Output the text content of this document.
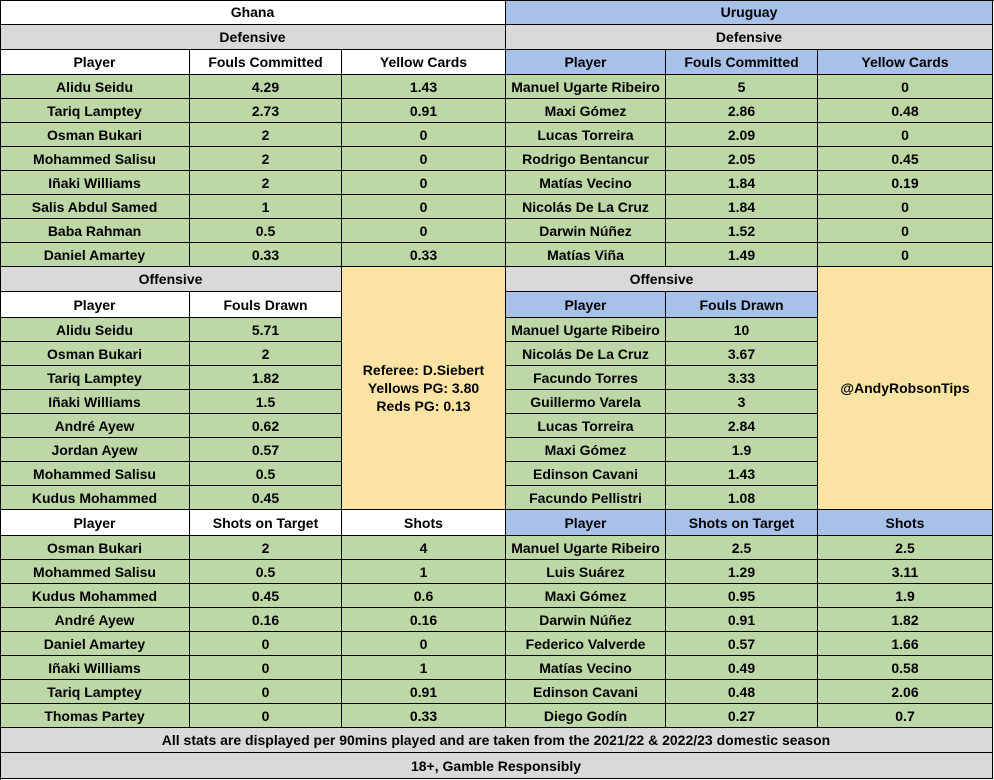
Ghana
Defensive
Player	Fouls Committed	Yellow Cards
Alidu Seidu	4.29	1.43
Tariq Lamptey	2.73	0.91
Osman Bukari	2	0
Mohammed Salisu	2	0
Iñaki Williams	2	0
Salis Abdul Samed	1	0
Baba Rahman	0.5	0
Daniel Amartey	0.33	0.33
Offensive
Player	Fouls Drawn
Alidu Seidu	5.71
Osman Bukari	2
Tariq Lamptey	1.82
Iñaki Williams	1.5
André Ayew	0.62
Jordan Ayew	0.57
Mohammed Salisu	0.5
Kudus Mohammed	0.45
Player	Shots on Target	Shots
Osman Bukari	2	4
Mohammed Salisu	0.5	1
Kudus Mohammed	0.45	0.6
André Ayew	0.16	0.16
Daniel Amartey	0	0
Iñaki Williams	0	1
Tariq Lamptey	0	0.91
Thomas Partey	0	0.33
Uruguay
Defensive
Player	Fouls Committed	Yellow Cards
Manuel Ugarte Ribeiro	5	0
Maxi Gómez	2.86	0.48
Lucas Torreira	2.09	0
Rodrigo Bentancur	2.05	0.45
Matías Vecino	1.84	0.19
Nicolás De La Cruz	1.84	0
Darwin Núñez	1.52	0
Matías Viña	1.49	0
Offensive
Player	Fouls Drawn
Manuel Ugarte Ribeiro	10
Nicolás De La Cruz	3.67
Facundo Torres	3.33
Guillermo Varela	3
Lucas Torreira	2.84
Maxi Gómez	1.9
Edinson Cavani	1.43
Facundo Pellistri	1.08
Player	Shots on Target	Shots
Manuel Ugarte Ribeiro	2.5	2.5
Luis Suárez	1.29	3.11
Maxi Gómez	0.95	1.9
Darwin Núñez	0.91	1.82
Federico Valverde	0.57	1.66
Matías Vecino	0.49	0.58
Edinson Cavani	0.48	2.06
Diego Godín	0.27	0.7
Referee: D.Siebert
Yellows PG: 3.80
Reds PG: 0.13
@AndyRobsonTips
All stats are displayed per 90mins played and are taken from the 2021/22 & 2022/23 domestic season
18+, Gamble Responsibly
